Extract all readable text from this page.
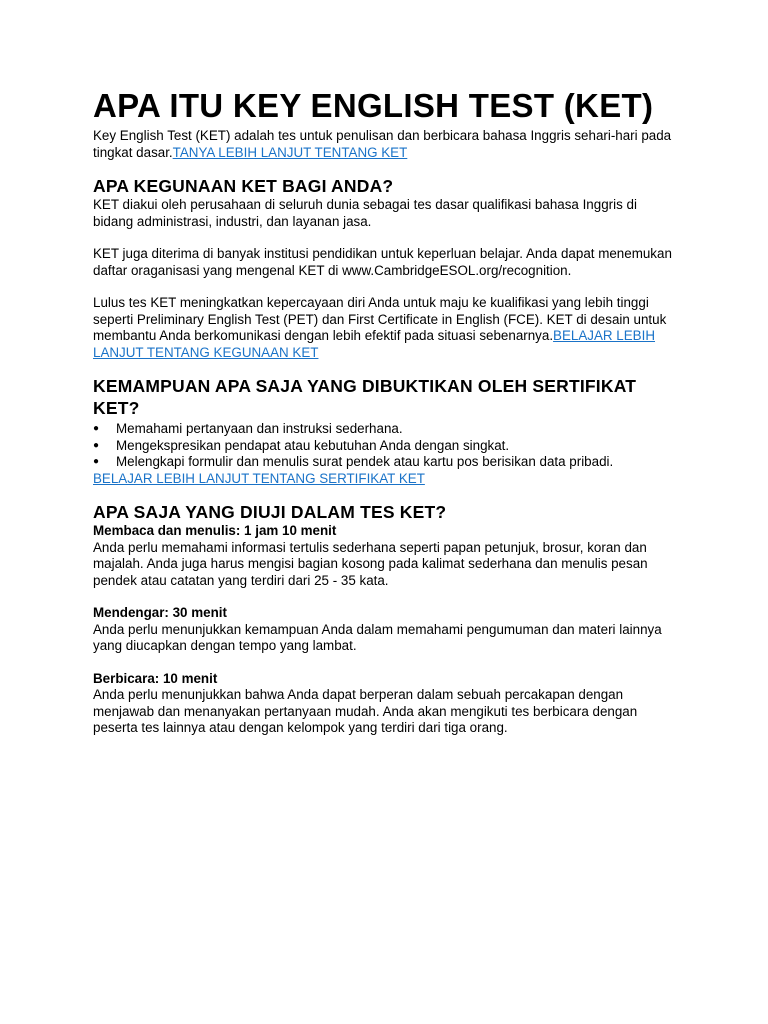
APA ITU KEY ENGLISH TEST (KET)

Key English Test (KET) adalah tes untuk penulisan dan berbicara bahasa Inggris sehari-hari pada tingkat dasar.TANYA LEBIH LANJUT TENTANG KET

APA KEGUNAAN KET BAGI ANDA?

KET diakui oleh perusahaan di seluruh dunia sebagai tes dasar qualifikasi bahasa Inggris di bidang administrasi, industri, dan layanan jasa.

KET juga diterima di banyak institusi pendidikan untuk keperluan belajar. Anda dapat menemukan daftar oraganisasi yang mengenal KET di www.CambridgeESOL.org/recognition.

Lulus tes KET meningkatkan kepercayaan diri Anda untuk maju ke kualifikasi yang lebih tinggi seperti Preliminary English Test (PET) dan First Certificate in English (FCE). KET di desain untuk membantu Anda berkomunikasi dengan lebih efektif pada situasi sebenarnya.BELAJAR LEBIH LANJUT TENTANG KEGUNAAN KET

KEMAMPUAN APA SAJA YANG DIBUKTIKAN OLEH SERTIFIKAT KET?
● Memahami pertanyaan dan instruksi sederhana.
● Mengekspresikan pendapat atau kebutuhan Anda dengan singkat.
● Melengkapi formulir dan menulis surat pendek atau kartu pos berisikan data pribadi.

BELAJAR LEBIH LANJUT TENTANG SERTIFIKAT KET

APA SAJA YANG DIUJI DALAM TES KET?

Membaca dan menulis: 1 jam 10 menit

Anda perlu memahami informasi tertulis sederhana seperti papan petunjuk, brosur, koran dan majalah. Anda juga harus mengisi bagian kosong pada kalimat sederhana dan menulis pesan pendek atau catatan yang terdiri dari 25 - 35 kata.

Mendengar: 30 menit

Anda perlu menunjukkan kemampuan Anda dalam memahami pengumuman dan materi lainnya yang diucapkan dengan tempo yang lambat.

Berbicara: 10 menit

Anda perlu menunjukkan bahwa Anda dapat berperan dalam sebuah percakapan dengan menjawab dan menanyakan pertanyaan mudah. Anda akan mengikuti tes berbicara dengan peserta tes lainnya atau dengan kelompok yang terdiri dari tiga orang.
